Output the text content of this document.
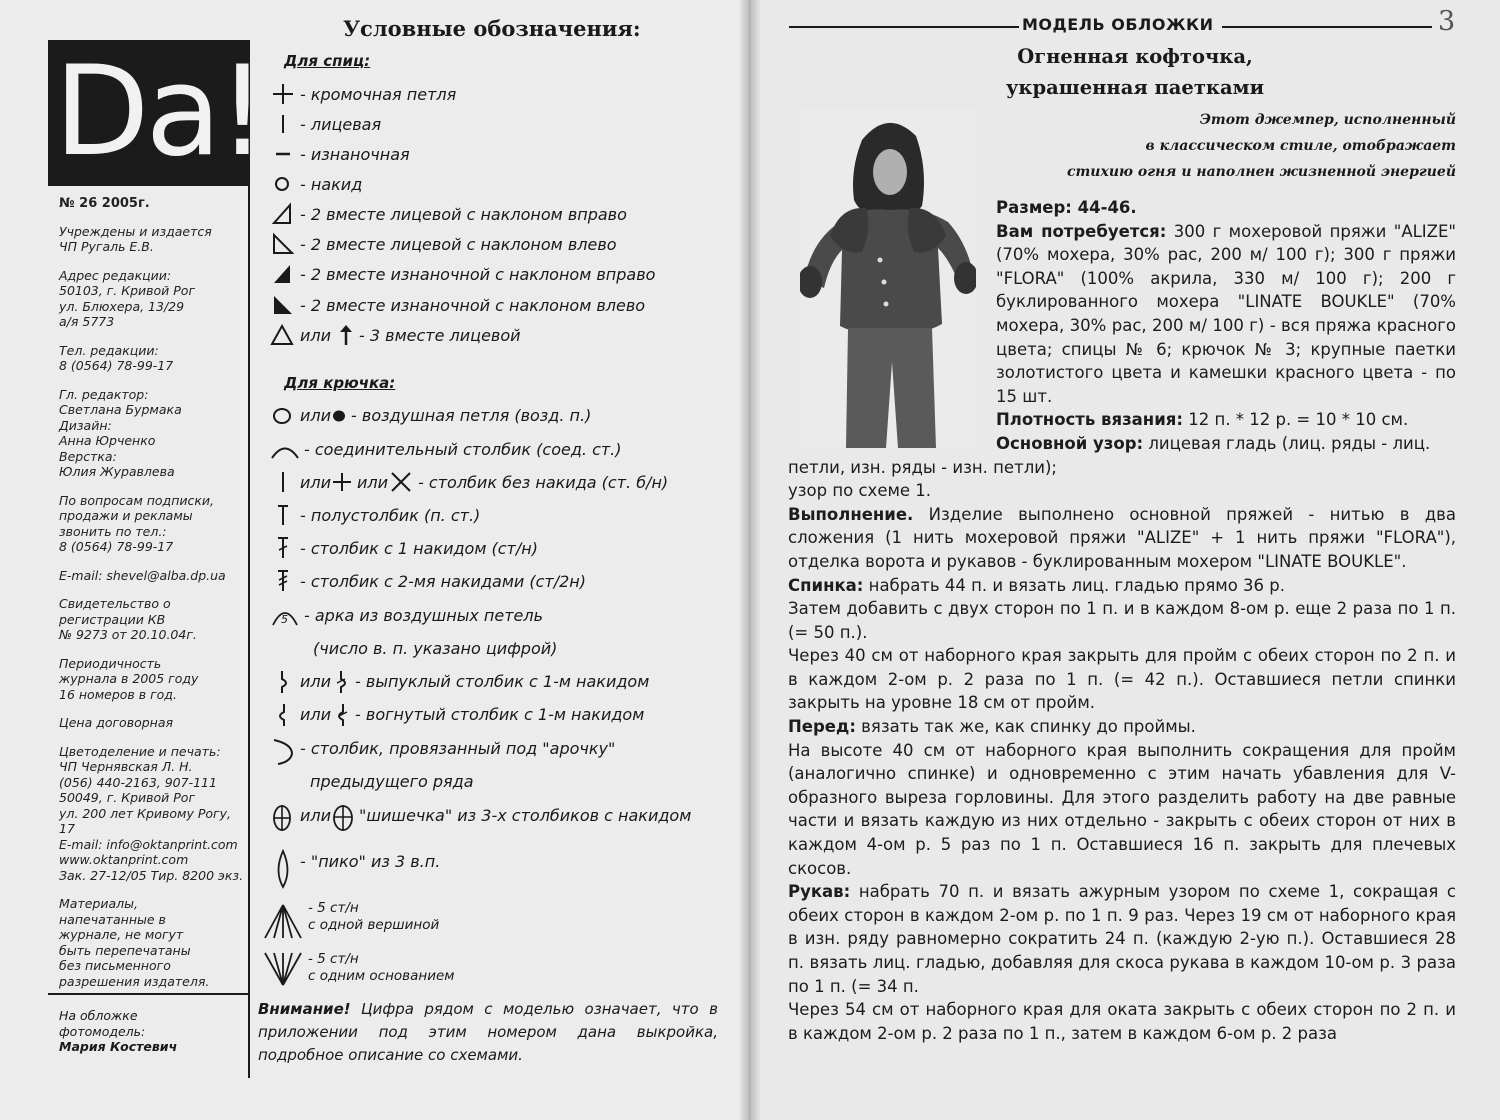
Da!
№ 26 2005г.
Учреждены и издается
ЧП Ругаль Е.В.
Адрес редакции:
50103, г. Кривой Рог
ул. Блюхера, 13/29
а/я 5773
Тел. редакции:
8 (0564) 78-99-17
Гл. редактор:
Светлана Бурмака
Дизайн:
Анна Юрченко
Верстка:
Юлия Журавлева
По вопросам подписки,
продажи и рекламы
звонить по тел.:
8 (0564) 78-99-17
E-mail: shevel@alba.dp.ua
Свидетельство о
регистрации КВ
№ 9273 от 20.10.04г.
Периодичность
журнала в 2005 году
16 номеров в год.
Цена договорная
Цветоделение и печать:
ЧП Чернявская Л. Н.
(056) 440-2163, 907-111
50049, г. Кривой Рог
ул. 200 лет Кривому Рогу, 17
E-mail: info@oktanprint.com
www.oktanprint.com
Зак. 27-12/05 Тир. 8200 экз.
Материалы,
напечатанные в
журнале, не могут
быть перепечатаны
без письменного
разрешения издателя.
На обложке
фотомодель:
Мария Костевич
Условные обозначения:
Для спиц:
- кромочная петля
- лицевая
- изнаночная
- накид
- 2 вместе лицевой с наклоном вправо
- 2 вместе лицевой с наклоном влево
- 2 вместе изнаночной с наклоном вправо
- 2 вместе изнаночной с наклоном влево
или - 3 вместе лицевой
Для крючка:
или - воздушная петля (возд. п.)
- соединительный столбик (соед. ст.)
или или - столбик без накида (ст. б/н)
- полустолбик (п. ст.)
- столбик с 1 накидом (ст/н)
- столбик с 2-мя накидами (ст/2н)
5 - арка из воздушных петель
(число в. п. указано цифрой)
или - выпуклый столбик с 1-м накидом
или - вогнутый столбик с 1-м накидом
- столбик, провязанный под "арочку"
предыдущего ряда
или "шишечка" из 3-х столбиков с накидом
- "пико" из 3 в.п.
- 5 ст/н
с одной вершиной
- 5 ст/н
с одним основанием
Внимание! Цифра рядом с моделью означает, что в приложении под этим номером дана выкройка, подробное описание со схемами.
МОДЕЛЬ ОБЛОЖКИ	3
Огненная кофточка,
украшенная паетками
Этот джемпер, исполненный
в классическом стиле, отображает
стихию огня и наполнен жизненной энергией

Размер: 44-46.

Вам потребуется: 300 г мохеровой пряжи "ALIZE" (70% мохера, 30% рас, 200 м/ 100 г); 300 г пряжи "FLORA" (100% акрила, 330 м/ 100 г); 200 г буклированного мохера "LINATE BOUKLE" (70% мохера, 30% рас, 200 м/ 100 г) - вся пряжа красного цвета; спицы № 6; крючок № 3; крупные паетки золотистого цвета и камешки красного цвета - по 15 шт.

Плотность вязания: 12 п. * 12 р. = 10 * 10 см.

Основной узор: лицевая гладь (лиц. ряды - лиц.

петли, изн. ряды - изн. петли);

узор по схеме 1.

Выполнение. Изделие выполнено основной пряжей - нитью в два сложения (1 нить мохеровой пряжи "ALIZE" + 1 нить пряжи "FLORA"), отделка ворота и рукавов - буклированным мохером "LINATE BOUKLE".

Спинка: набрать 44 п. и вязать лиц. гладью прямо 36 р.

Затем добавить с двух сторон по 1 п. и в каждом 8-ом р. еще 2 раза по 1 п. (= 50 п.).

Через 40 см от наборного края закрыть для пройм с обеих сторон по 2 п. и в каждом 2-ом р. 2 раза по 1 п. (= 42 п.). Оставшиеся петли спинки закрыть на уровне 18 см от пройм.

Перед: вязать так же, как спинку до проймы.

На высоте 40 см от наборного края выполнить сокращения для пройм (аналогично спинке) и одновременно с этим начать убавления для V-образного выреза горловины. Для этого разделить работу на две равные части и вязать каждую из них отдельно - закрыть с обеих сторон от них в каждом 4-ом р. 5 раз по 1 п. Оставшиеся 16 п. закрыть для плечевых скосов.

Рукав: набрать 70 п. и вязать ажурным узором по схеме 1, сокращая с обеих сторон в каждом 2-ом р. по 1 п. 9 раз. Через 19 см от наборного края в изн. ряду равномерно сократить 24 п. (каждую 2-ую п.). Оставшиеся 28 п. вязать лиц. гладью, добавляя для скоса рукава в каждом 10-ом р. 3 раза по 1 п. (= 34 п.

Через 54 см от наборного края для оката закрыть с обеих сторон по 2 п. и в каждом 2-ом р. 2 раза по 1 п., затем в каждом 6-ом р. 2 раза
